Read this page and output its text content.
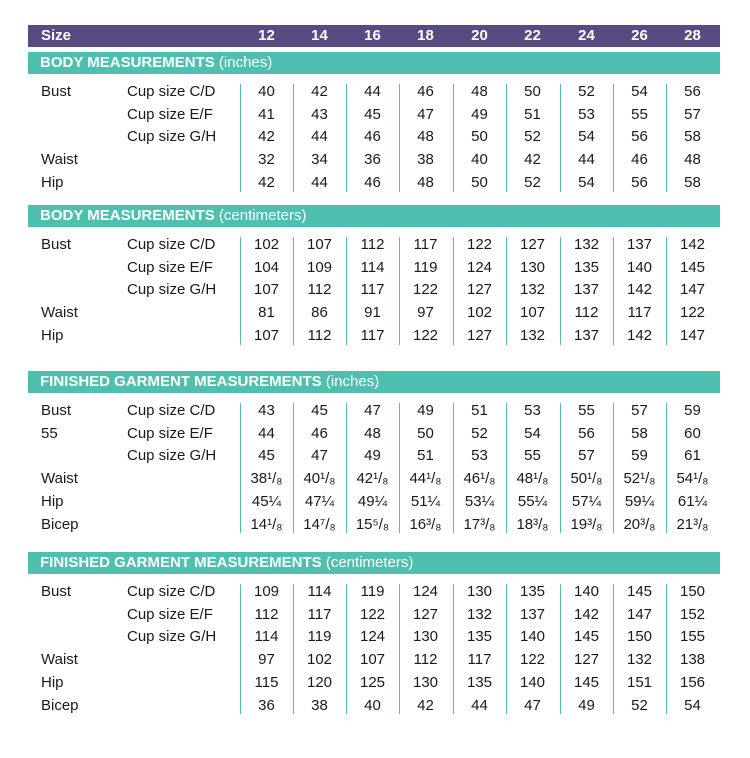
Size	12	14	16	18	20	22	24	26	28
BODY MEASUREMENTS (inches)
Bust	Cup size C/D	40	42	44	46	48	50	52	54	56
Cup size E/F	41	43	45	47	49	51	53	55	57
Cup size G/H	42	44	46	48	50	52	54	56	58
Waist	32	34	36	38	40	42	44	46	48
Hip	42	44	46	48	50	52	54	56	58
BODY MEASUREMENTS (centimeters)
Bust	Cup size C/D	102	107	112	117	122	127	132	137	142
Cup size E/F	104	109	114	119	124	130	135	140	145
Cup size G/H	107	112	117	122	127	132	137	142	147
Waist	81	86	91	97	102	107	112	117	122
Hip	107	112	117	122	127	132	137	142	147
FINISHED GARMENT MEASUREMENTS (inches)
Bust	Cup size C/D	43	45	47	49	51	53	55	57	59
55	Cup size E/F	44	46	48	50	52	54	56	58	60
Cup size G/H	45	47	49	51	53	55	57	59	61
Waist	38¹/₈	40¹/₈	42¹/₈	44¹/₈	46¹/₈	48¹/₈	50¹/₈	52¹/₈	54¹/₈
Hip	45¼	47¼	49¼	51¼	53¼	55¼	57¼	59¼	61¼
Bicep	14¹/₈	14⁷/₈	15⁵/₈	16³/₈	17³/₈	18³/₈	19³/₈	20³/₈	21³/₈
FINISHED GARMENT MEASUREMENTS (centimeters)
Bust	Cup size C/D	109	114	119	124	130	135	140	145	150
Cup size E/F	112	117	122	127	132	137	142	147	152
Cup size G/H	114	119	124	130	135	140	145	150	155
Waist	97	102	107	112	117	122	127	132	138
Hip	115	120	125	130	135	140	145	151	156
Bicep	36	38	40	42	44	47	49	52	54
